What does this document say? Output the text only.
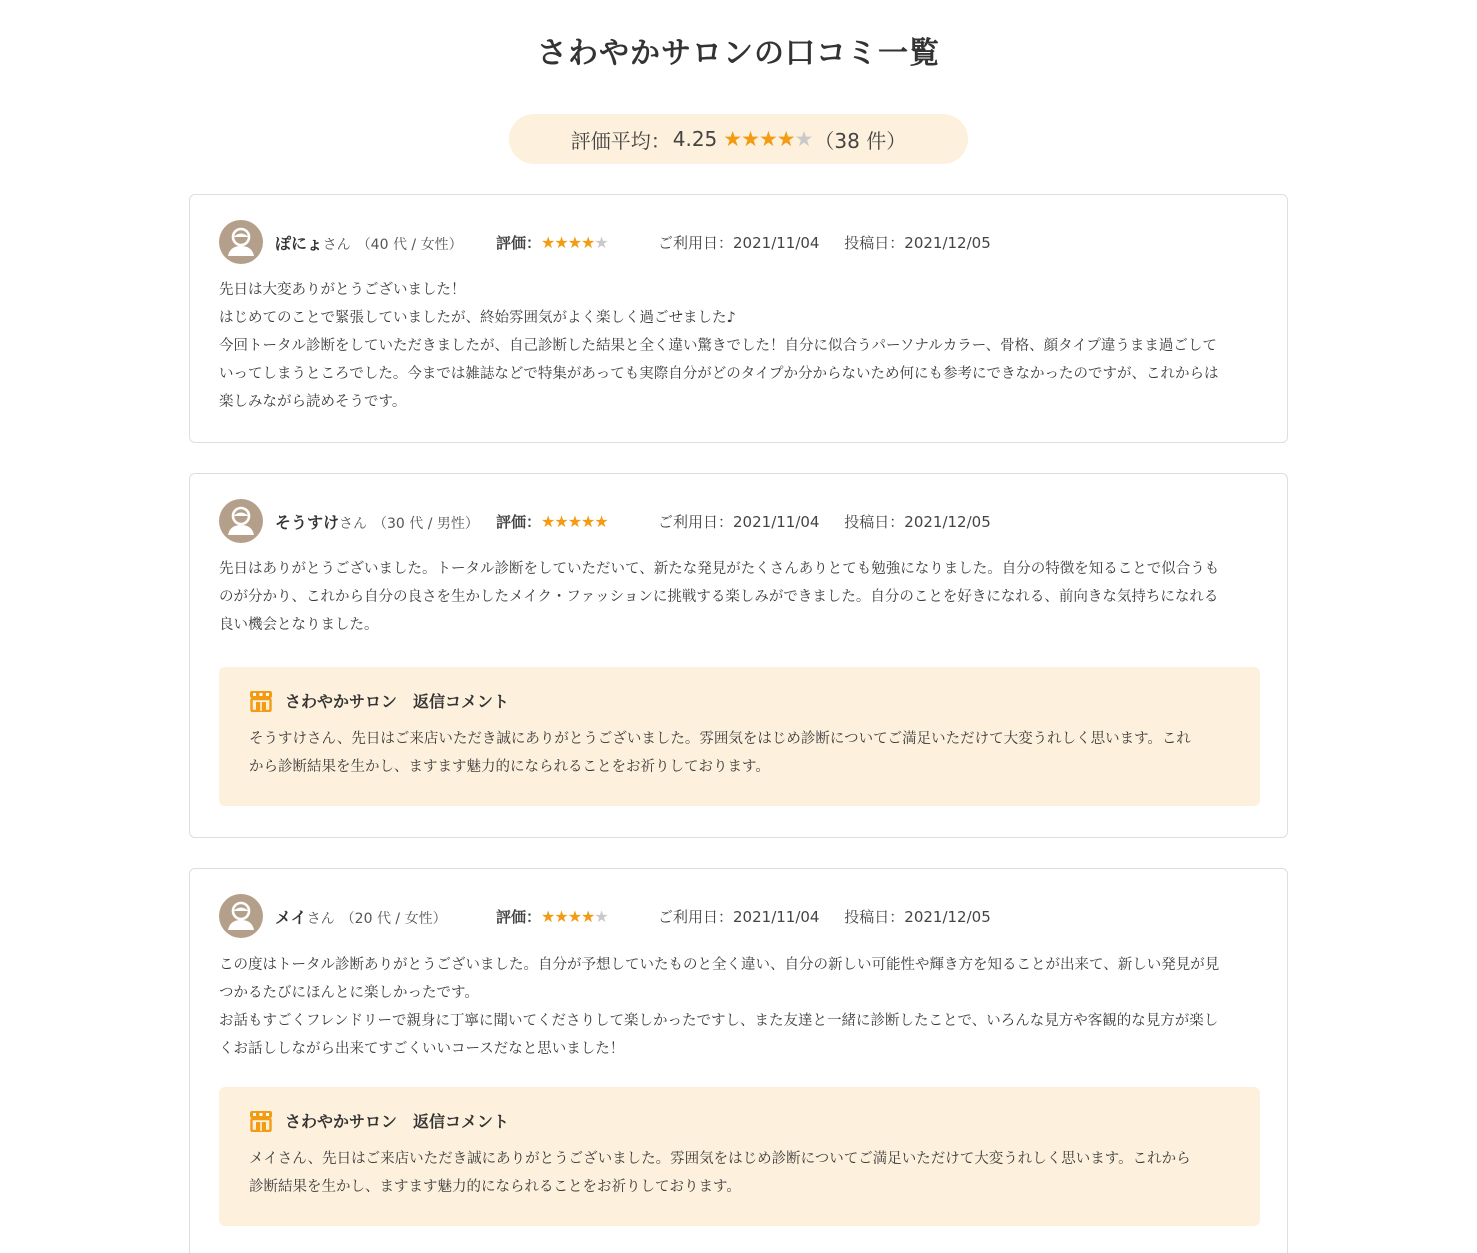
さわやかサロンの口コミ一覧
評価平均： 4.25 ★★★★★ （38 件）
ぽにょ さん （40 代 / 女性） 評価： ★★★★★	ご利用日：2021/11/04 投稿日：2021/12/05

先日は大変ありがとうございました！

はじめてのことで緊張していましたが、終始雰囲気がよく楽しく過ごせました♪

今回トータル診断をしていただきましたが、自己診断した結果と全く違い驚きでした！自分に似合うパーソナルカラー、骨格、顔タイプ違うまま過ごして

いってしまうところでした。今までは雑誌などで特集があっても実際自分がどのタイプか分からないため何にも参考にできなかったのですが、これからは

楽しみながら読めそうです。

そうすけ さん （30 代 / 男性） 評価： ★★★★★	ご利用日：2021/11/04 投稿日：2021/12/05

先日はありがとうございました。トータル診断をしていただいて、新たな発見がたくさんありとても勉強になりました。自分の特徴を知ることで似合うも

のが分かり、これから自分の良さを生かしたメイク・ファッションに挑戦する楽しみができました。自分のことを好きになれる、前向きな気持ちになれる

良い機会となりました。

さわやかサロン 返信コメント

そうすけさん、先日はご来店いただき誠にありがとうございました。雰囲気をはじめ診断についてご満足いただけて大変うれしく思います。これ

から診断結果を生かし、ますます魅力的になられることをお祈りしております。

メイ さん （20 代 / 女性）	評価： ★★★★★	ご利用日：2021/11/04 投稿日：2021/12/05

この度はトータル診断ありがとうございました。自分が予想していたものと全く違い、自分の新しい可能性や輝き方を知ることが出来て、新しい発見が見

つかるたびにほんとに楽しかったです。

お話もすごくフレンドリーで親身に丁寧に聞いてくださりして楽しかったですし、また友達と一緒に診断したことで、いろんな見方や客観的な見方が楽し

くお話ししながら出来てすごくいいコースだなと思いました！

さわやかサロン 返信コメント

メイさん、先日はご来店いただき誠にありがとうございました。雰囲気をはじめ診断についてご満足いただけて大変うれしく思います。これから

診断結果を生かし、ますます魅力的になられることをお祈りしております。
